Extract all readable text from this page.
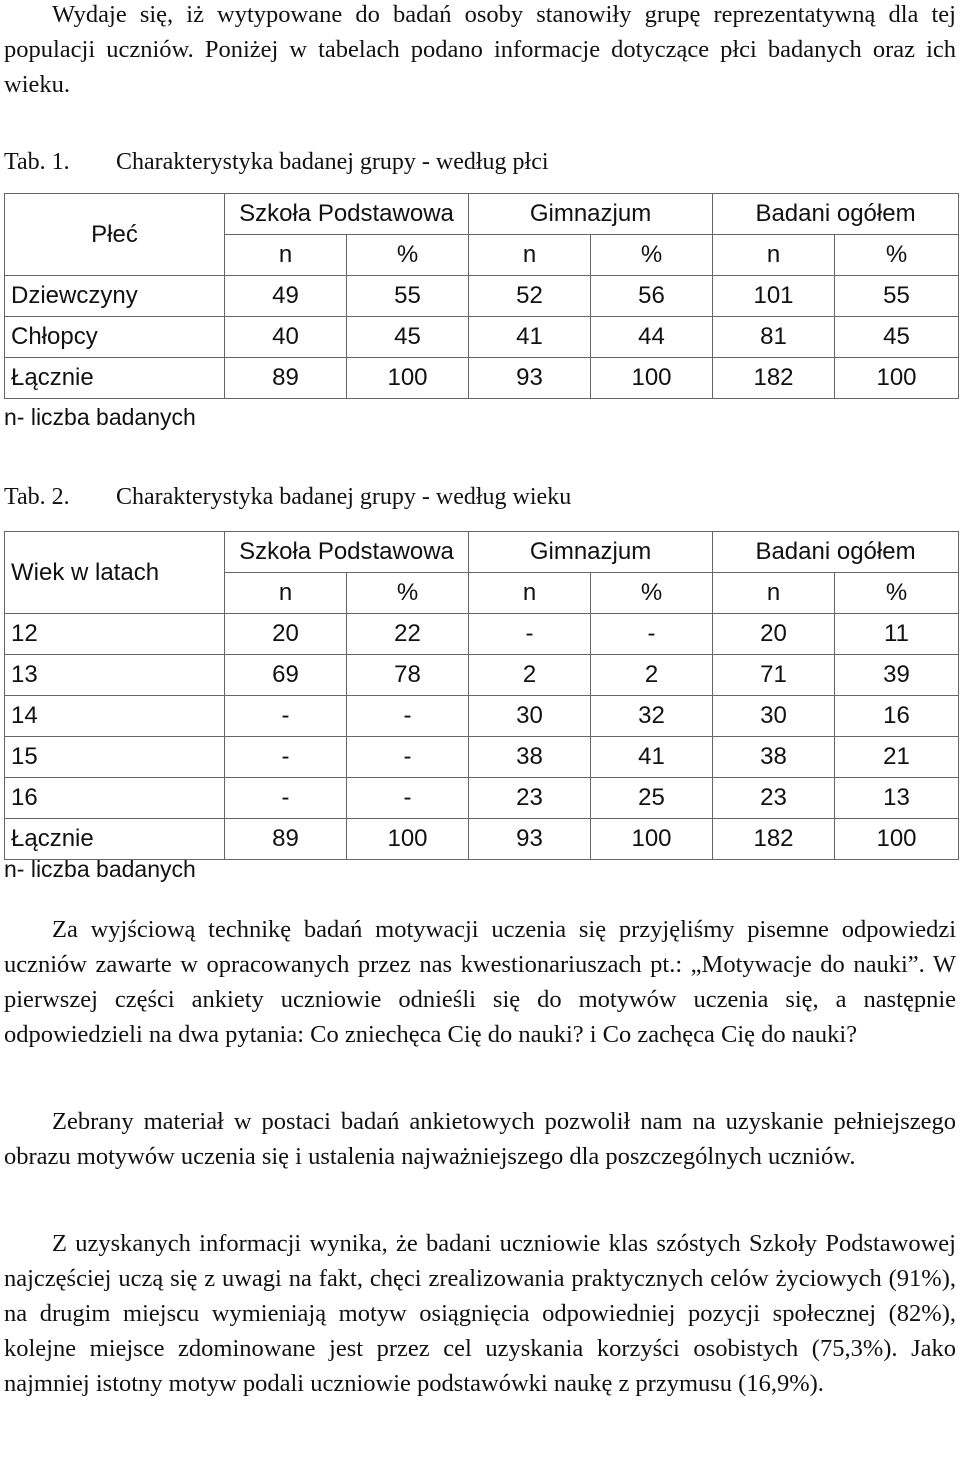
Wydaje się, iż wytypowane do badań osoby stanowiły grupę reprezentatywną dla tej populacji uczniów. Poniżej w tabelach podano informacje dotyczące płci badanych oraz ich wieku.
Tab. 1. Charakterystyka badanej grupy - według płci
Płeć	Szkoła Podstawowa		Gimnazjum		Badani ogółem	
	n	%	n	%	n	%
Dziewczyny	49	55	52	56	101	55
Chłopcy	40	45	41	44	81	45
Łącznie	89	100	93	100	182	100
n- liczba badanych
Tab. 2. Charakterystyka badanej grupy - według wieku
Wiek w latach	Szkoła Podstawowa		Gimnazjum		Badani ogółem	
	n	%	n	%	n	%
12	20	22	-	-	20	11
13	69	78	2	2	71	39
14	-	-	30	32	30	16
15	-	-	38	41	38	21
16	-	-	23	25	23	13
Łącznie	89	100	93	100	182	100
n- liczba badanych
Za wyjściową technikę badań motywacji uczenia się przyjęliśmy pisemne odpowiedzi uczniów zawarte w opracowanych przez nas kwestionariuszach pt.: „Motywacje do nauki”. W pierwszej części ankiety uczniowie odnieśli się do motywów uczenia się, a następnie odpowiedzieli na dwa pytania: Co zniechęca Cię do nauki? i Co zachęca Cię do nauki?
Zebrany materiał w postaci badań ankietowych pozwolił nam na uzyskanie pełniejszego obrazu motywów uczenia się i ustalenia najważniejszego dla poszczególnych uczniów.
Z uzyskanych informacji wynika, że badani uczniowie klas szóstych Szkoły Podstawowej najczęściej uczą się z uwagi na fakt, chęci zrealizowania praktycznych celów życiowych (91%), na drugim miejscu wymieniają motyw osiągnięcia odpowiedniej pozycji społecznej (82%), kolejne miejsce zdominowane jest przez cel uzyskania korzyści osobistych (75,3%). Jako najmniej istotny motyw podali uczniowie podstawówki naukę z przymusu (16,9%).
